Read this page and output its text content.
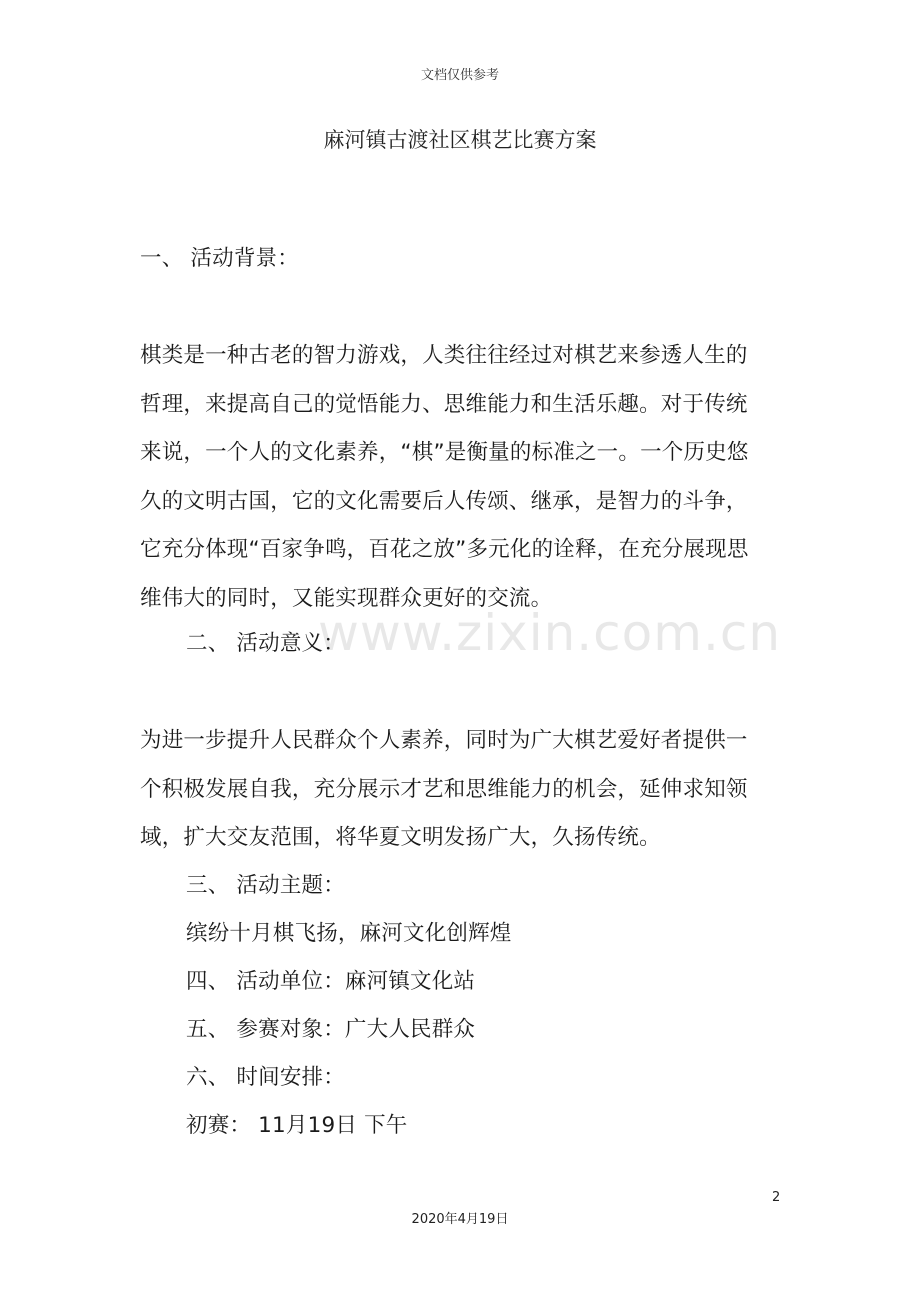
文档仅供参考
麻河镇古渡社区棋艺比赛方案
一、 活动背景：
棋类是一种古老的智力游戏，人类往往经过对棋艺来参透人生的
哲理，来提高自己的觉悟能力、思维能力和生活乐趣。对于传统
来说，一个人的文化素养，“棋”是衡量的标准之一。一个历史悠
久的文明古国，它的文化需要后人传颂、继承，是智力的斗争，
它充分体现“百家争鸣，百花之放”多元化的诠释，在充分展现思
维伟大的同时，又能实现群众更好的交流。
www.zixin.com.cn
二、 活动意义：
为进一步提升人民群众个人素养，同时为广大棋艺爱好者提供一
个积极发展自我，充分展示才艺和思维能力的机会，延伸求知领
域，扩大交友范围，将华夏文明发扬广大，久扬传统。
三、 活动主题：
缤纷十月棋飞扬，麻河文化创辉煌
四、 活动单位：麻河镇文化站
五、 参赛对象：广大人民群众
六、 时间安排：
初赛： 11月19日 下午
2
2020年4月19日
